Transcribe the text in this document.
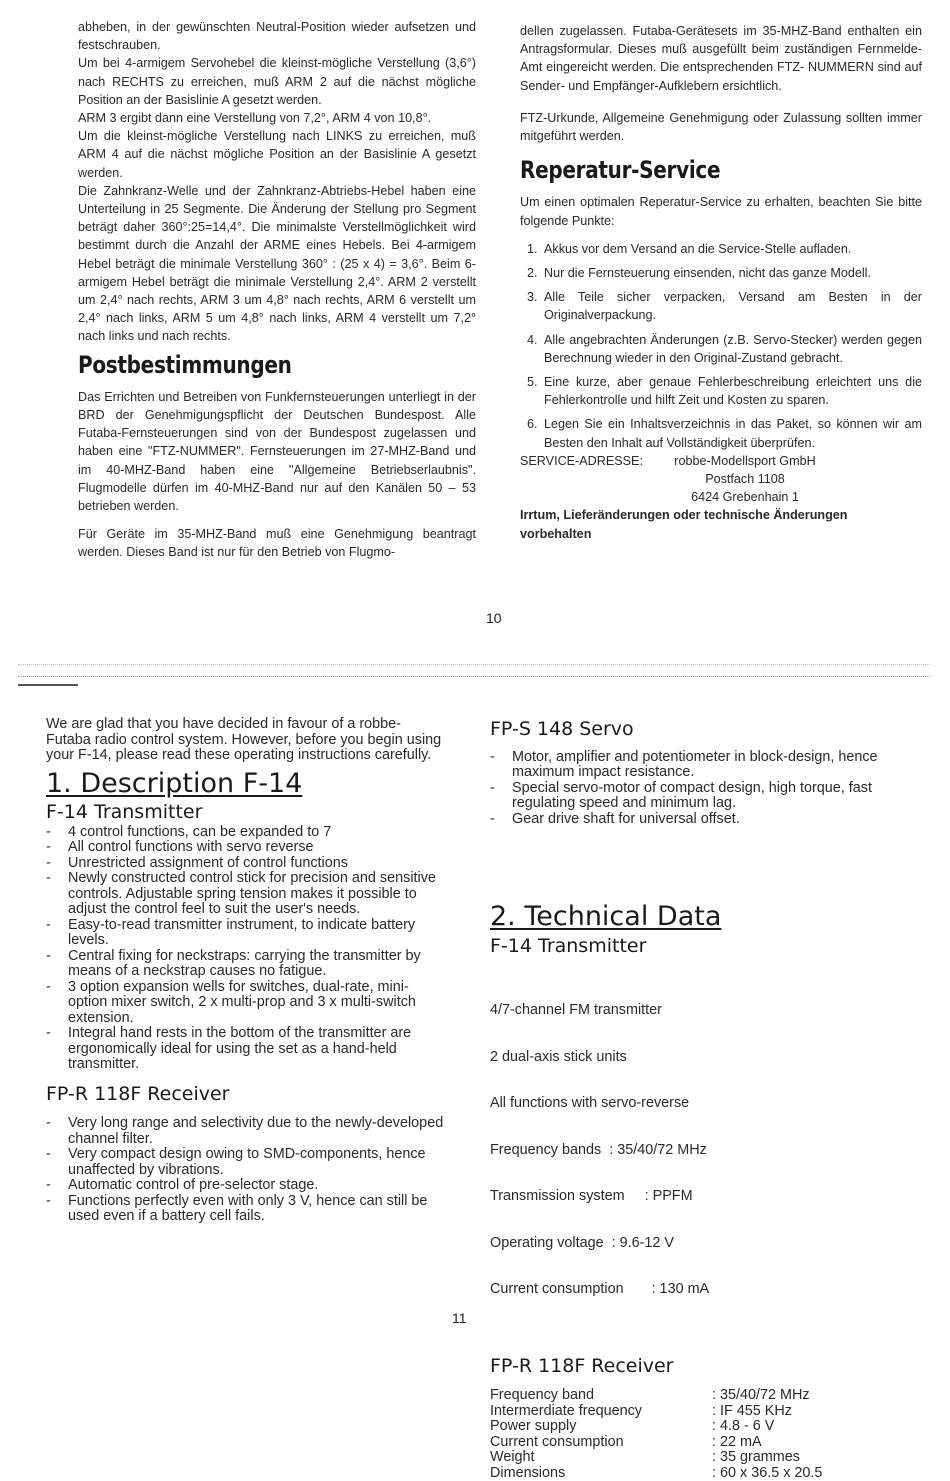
abheben, in der gewünschten Neutral-Position wieder aufsetzen und festschrauben.

Um bei 4-armigem Servohebel die kleinst-mögliche Verstellung (3,6°) nach RECHTS zu erreichen, muß ARM 2 auf die nächst mögliche Position an der Basislinie A gesetzt werden.

ARM 3 ergibt dann eine Verstellung von 7,2°, ARM 4 von 10,8°.

Um die kleinst-mögliche Verstellung nach LINKS zu erreichen, muß ARM 4 auf die nächst mögliche Position an der Basislinie A gesetzt werden.

Die Zahnkranz-Welle und der Zahnkranz-Abtriebs-Hebel haben eine Unterteilung in 25 Segmente. Die Änderung der Stellung pro Segment beträgt daher 360°:25=14,4°. Die minimalste Verstellmöglichkeit wird bestimmt durch die Anzahl der ARME eines Hebels. Bei 4-armigem Hebel beträgt die minimale Verstellung 360° : (25 x 4) = 3,6°. Beim 6-armigem Hebel beträgt die minimale Verstellung 2,4°. ARM 2 verstellt um 2,4° nach rechts, ARM 3 um 4,8° nach rechts, ARM 6 verstellt um 2,4° nach links, ARM 5 um 4,8° nach links, ARM 4 verstellt um 7,2° nach links und nach rechts.

Postbestimmungen

Das Errichten und Betreiben von Funkfernsteuerungen unterliegt in der BRD der Genehmigungspflicht der Deutschen Bundespost. Alle Futaba-Fernsteuerungen sind von der Bundespost zugelassen und haben eine "FTZ-NUMMER". Fernsteuerungen im 27-MHZ-Band und im 40-MHZ-Band haben eine "Allgemeine Betriebserlaubnis". Flugmodelle dürfen im 40-MHZ-Band nur auf den Kanälen 50 – 53 betrieben werden.

Für Geräte im 35-MHZ-Band muß eine Genehmigung beantragt werden. Dieses Band ist nur für den Betrieb von Flugmo-

dellen zugelassen. Futaba-Gerätesets im 35-MHZ-Band enthalten ein Antragsformular. Dieses muß ausgefüllt beim zuständigen Fernmelde-Amt eingereicht werden. Die entsprechenden FTZ- NUMMERN sind auf Sender- und Empfänger-Aufklebern ersichtlich.

FTZ-Urkunde, Allgemeine Genehmigung oder Zulassung sollten immer mitgeführt werden.

Reperatur-Service

Um einen optimalen Reperatur-Service zu erhalten, beachten Sie bitte folgende Punkte:

1. Akkus vor dem Versand an die Service-Stelle aufladen.
2. Nur die Fernsteuerung einsenden, nicht das ganze Modell.
3. Alle Teile sicher verpacken, Versand am Besten in der Originalverpackung.
4. Alle angebrachten Änderungen (z.B. Servo-Stecker) werden gegen Berechnung wieder in den Original-Zustand gebracht.
5. Eine kurze, aber genaue Fehlerbeschreibung erleichtert uns die Fehlerkontrolle und hilft Zeit und Kosten zu sparen.
6. Legen Sie ein Inhaltsverzeichnis in das Paket, so können wir am Besten den Inhalt auf Vollständigkeit überprüfen.
SERVICE-ADRESSE:	robbe-Modellsport GmbH
Postfach 1108
6424 Grebenhain 1

Irrtum, Lieferänderungen oder technische Änderungen vorbehalten

10

We are glad that you have decided in favour of a robbe-Futaba radio control system. However, before you begin using your F-14, please read these operating instructions carefully.

1. Description F-14
F-14 Transmitter
- 4 control functions, can be expanded to 7
- All control functions with servo reverse
- Unrestricted assignment of control functions
- Newly constructed control stick for precision and sensitive controls. Adjustable spring tension makes it possible to adjust the control feel to suit the user's needs.
- Easy-to-read transmitter instrument, to indicate battery levels.
- Central fixing for neckstraps: carrying the transmitter by means of a neckstrap causes no fatigue.
- 3 option expansion wells for switches, dual-rate, mini-option mixer switch, 2 x multi-prop and 3 x multi-switch extension.
- Integral hand rests in the bottom of the transmitter are ergonomically ideal for using the set as a hand-held transmitter.
FP-R 118F Receiver
- Very long range and selectivity due to the newly-developed channel filter.
- Very compact design owing to SMD-components, hence unaffected by vibrations.
- Automatic control of pre-selector stage.
- Functions perfectly even with only 3 V, hence can still be used even if a battery cell fails.
FP-S 148 Servo
- Motor, amplifier and potentiometer in block-design, hence maximum impact resistance.
- Special servo-motor of compact design, high torque, fast regulating speed and minimum lag.
- Gear drive shaft for universal offset.
2. Technical Data
F-14 Transmitter

4/7-channel FM transmitter

2 dual-axis stick units

All functions with servo-reverse

Frequency bands  : 35/40/72 MHz

Transmission system     : PPFM

Operating voltage  : 9.6-12 V

Current consumption       : 130 mA

FP-R 118F Receiver
Frequency band	: 35/40/72 MHz
Intermerdiate frequency	: IF 455 KHz
Power supply	: 4.8 - 6 V
Current consumption	: 22 mA
Weight	: 35 grammes
Dimensions	: 60 x 36.5 x 20.5
11
